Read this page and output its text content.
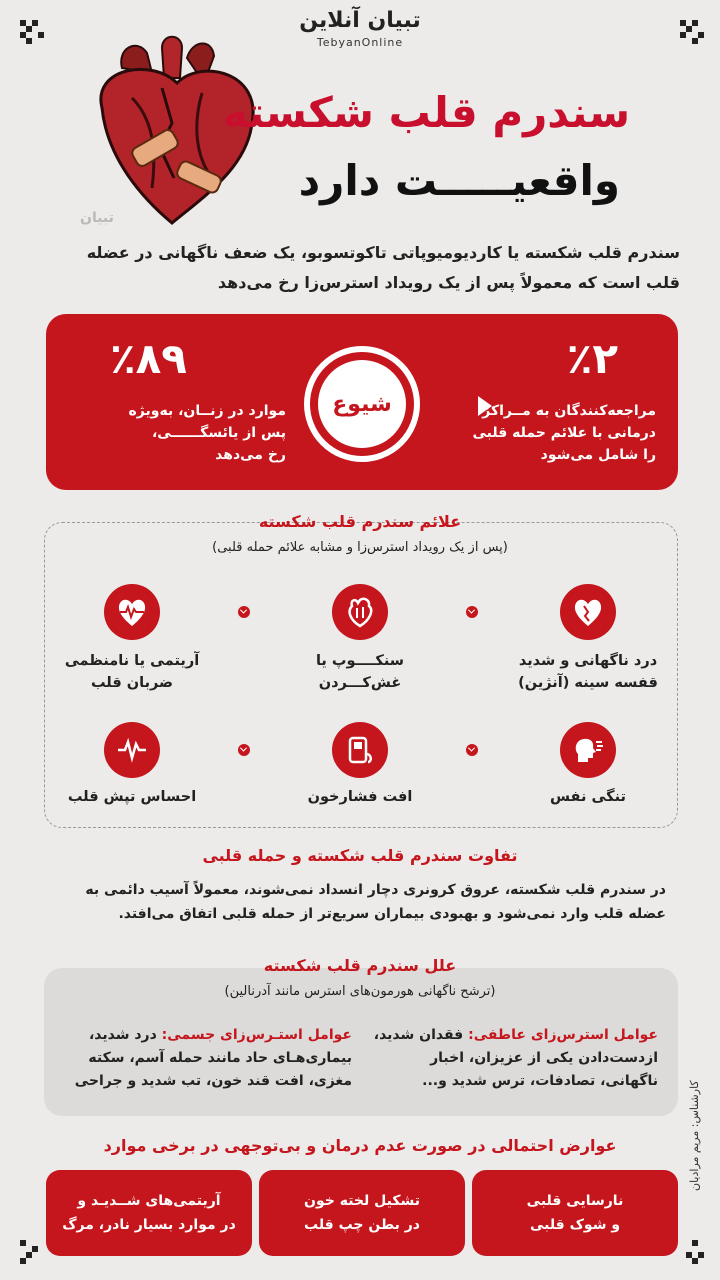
تبیان آنلاین
TebyanOnline
تبیان
سندرم قلب شکسته
واقعیـــــت دارد
سندرم قلب شکسته یا کاردیومیوپاتی تاکوتسوبو، یک ضعف ناگهانی در عضله قلب است که معمولاً پس از یک رویداد استرس‌زا رخ می‌دهد
٪۲
مراجعه‌کنندگان به مــراکز
درمانی با علائم حمله قلبی
را شامل می‌شود
٪۸۹
موارد در زنــان، به‌ویژه
پس از یائسگــــــی،
رخ می‌دهد
شیوع
علائم سندرم قلب شکسته
(پس از یک رویداد استرس‌زا و مشابه علائم حمله قلبی)
درد ناگهانی و شدید
قفسه سینه (آنژین)
سنکــــوپ یا
غش‌کـــردن
آریتمی یا نامنظمی
ضربان قلب
تنگی نفس
افت فشارخون
احساس تپش قلب
تفاوت سندرم قلب شکسته و حمله قلبی
در سندرم قلب شکسته، عروق کرونری دچار انسداد نمی‌شوند، معمولاً آسیب دائمی به عضله قلب وارد نمی‌شود و بهبودی بیماران سریع‌تر از حمله قلبی اتفاق می‌افتد.
علل سندرم قلب شکسته
(ترشح ناگهانی هورمون‌های استرس مانند آدرنالین)
عوامل استرس‌زای عاطفی: فقدان شدید، ازدست‌دادن یکی از عزیزان، اخبار ناگهانی، تصادفات، ترس شدید و...
عوامل استـرس‌زای جسمی: درد شدید، بیماری‌هـای حاد مانند حمله آسم، سکته مغزی، افت قند خون، تب شدید و جراحی
عوارض احتمالی در صورت عدم درمان و بی‌توجهی در برخی موارد
نارسایی قلبی
و شوک قلبی
تشکیل لخته خون
در بطن چپ قلب
آریتمی‌های شــدیـد و
در موارد بسیار نادر، مرگ
کارشناس: مریم مرادیان
